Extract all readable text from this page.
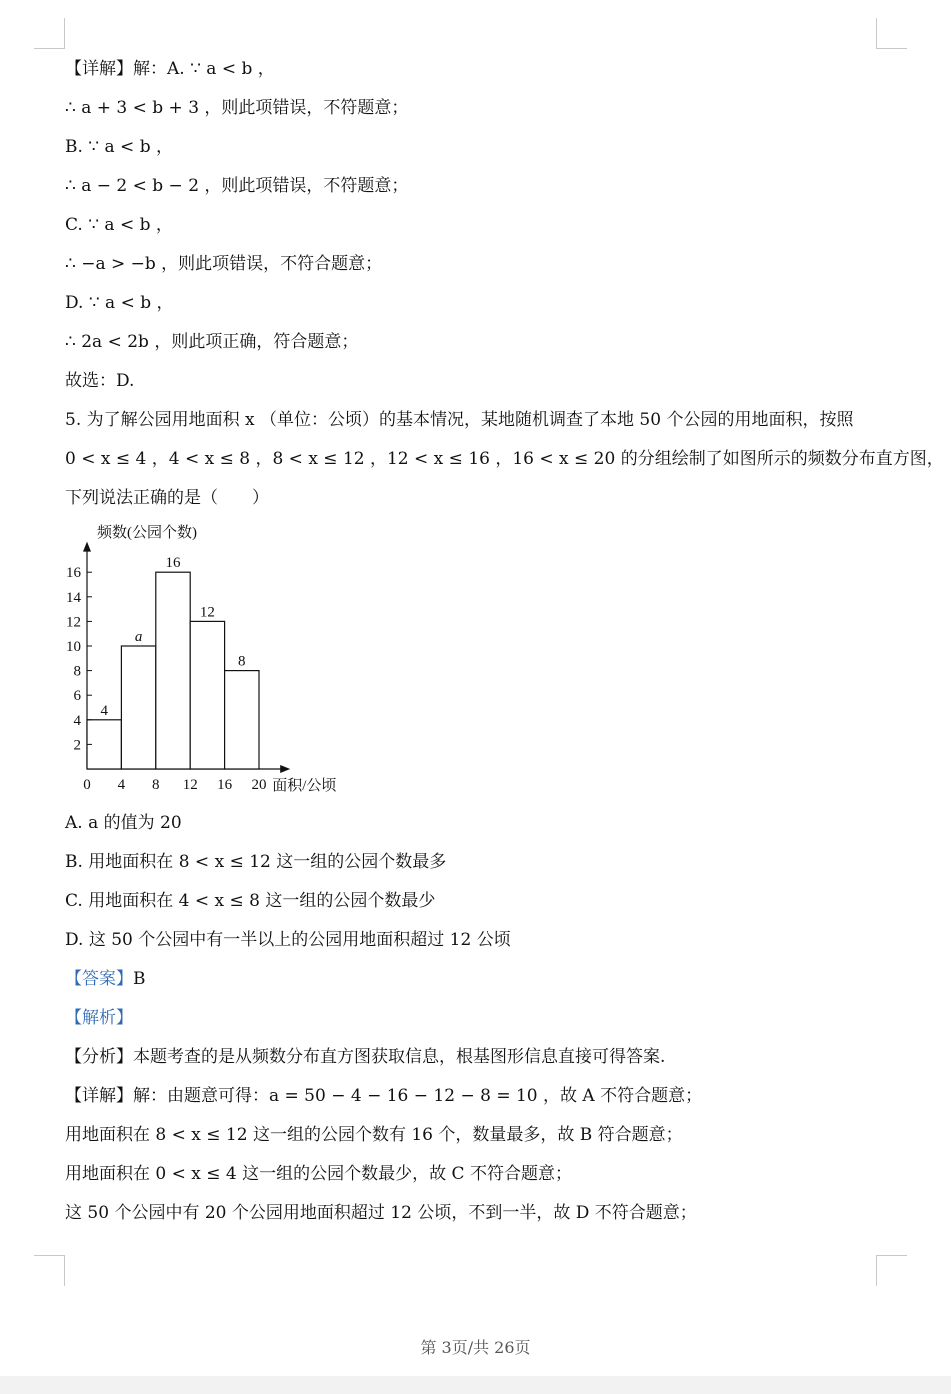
【详解】解：A. ∵ a < b ，
∴ a + 3 < b + 3 ，则此项错误，不符题意；
B. ∵ a < b ，
∴ a − 2 < b − 2 ，则此项错误，不符题意；
C. ∵ a < b ，
∴ −a > −b ，则此项错误，不符合题意；
D. ∵ a < b ，
∴ 2a < 2b ，则此项正确，符合题意；
故选：D.
5. 为了解公园用地面积 x （单位：公顷）的基本情况，某地随机调查了本地 50 个公园的用地面积，按照
0 < x ≤ 4 ，4 < x ≤ 8 ，8 < x ≤ 12 ，12 < x ≤ 16 ，16 < x ≤ 20 的分组绘制了如图所示的频数分布直方图，
下列说法正确的是（　　）
4
a
16
12
8
2
4
6
8
10
12
14
16
0 4 8 12 16 20
频数(公园个数)
面积/公顷
A. a 的值为 20
B. 用地面积在 8 < x ≤ 12 这一组的公园个数最多
C. 用地面积在 4 < x ≤ 8 这一组的公园个数最少
D. 这 50 个公园中有一半以上的公园用地面积超过 12 公顷
【答案】B
【解析】
【分析】本题考查的是从频数分布直方图获取信息，根基图形信息直接可得答案.
【详解】解：由题意可得：a = 50 − 4 − 16 − 12 − 8 = 10 ，故 A 不符合题意；
用地面积在 8 < x ≤ 12 这一组的公园个数有 16 个，数量最多，故 B 符合题意；
用地面积在 0 < x ≤ 4 这一组的公园个数最少，故 C 不符合题意；
这 50 个公园中有 20 个公园用地面积超过 12 公顷，不到一半，故 D 不符合题意；
第 3页/共 26页
